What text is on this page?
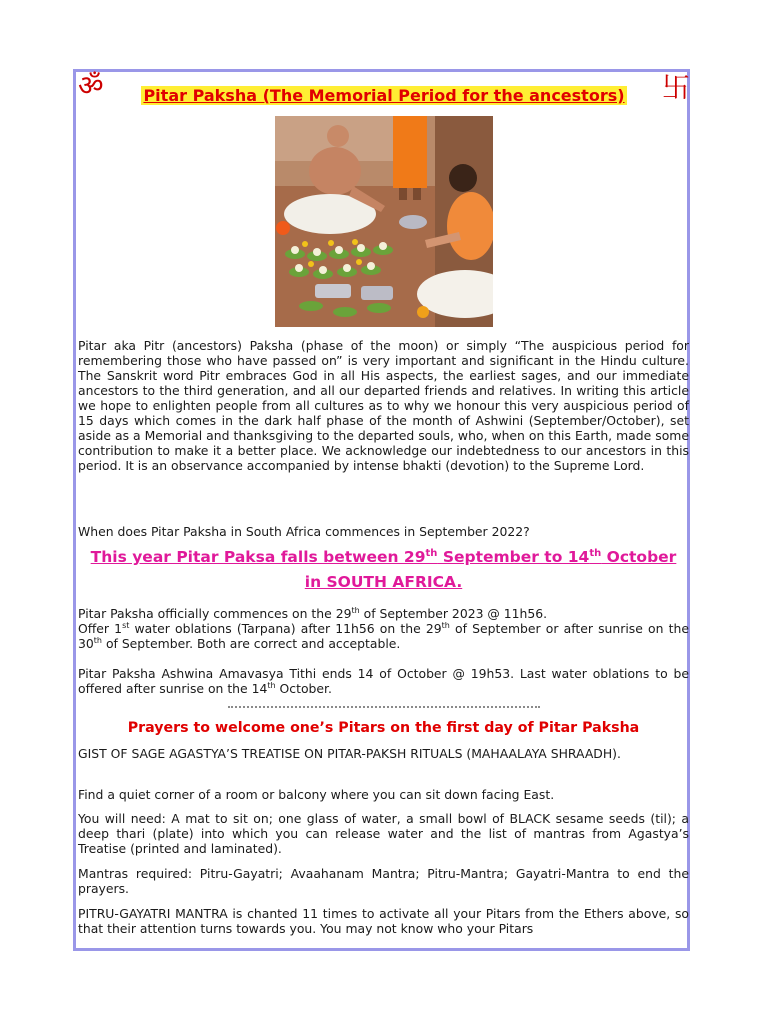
ॐ	卐
Pitar Paksha (The Memorial Period for the ancestors)

Pitar aka Pitr (ancestors) Paksha (phase of the moon) or simply “The auspicious period for remembering those who have passed on” is very important and significant in the Hindu culture. The Sanskrit word Pitr embraces God in all His aspects, the earliest sages, and our immediate ancestors to the third generation, and all our departed friends and relatives. In writing this article we hope to enlighten people from all cultures as to why we honour this very auspicious period of 15 days which comes in the dark half phase of the month of Ashwini (September/October), set aside as a Memorial and thanksgiving to the departed souls, who, when on this Earth, made some contribution to make it a better place. We acknowledge our indebtedness to our ancestors in this period. It is an observance accompanied by intense bhakti (devotion) to the Supreme Lord.

When does Pitar Paksha in South Africa commences in September 2022?

This year Pitar Paksa falls between 29th September to 14th October
in SOUTH AFRICA.

Pitar Paksha officially commences on the 29th of September 2023 @ 11h56.
Offer 1st water oblations (Tarpana) after 11h56 on the 29th of September or after sunrise on the 30th of September. Both are correct and acceptable.

Pitar Paksha Ashwina Amavasya Tithi ends 14 of October @ 19h53. Last water oblations to be offered after sunrise on the 14th October.

Prayers to welcome one’s Pitars on the first day of Pitar Paksha

GIST OF SAGE AGASTYA’S TREATISE ON PITAR-PAKSH RITUALS (MAHAALAYA SHRAADH).

Find a quiet corner of a room or balcony where you can sit down facing East.

You will need: A mat to sit on; one glass of water, a small bowl of BLACK sesame seeds (til); a deep thari (plate) into which you can release water and the list of mantras from Agastya’s Treatise (printed and laminated).

Mantras required: Pitru-Gayatri; Avaahanam Mantra; Pitru-Mantra; Gayatri-Mantra to end the prayers.

PITRU-GAYATRI MANTRA is chanted 11 times to activate all your Pitars from the Ethers above, so that their attention turns towards you. You may not know who your Pitars
